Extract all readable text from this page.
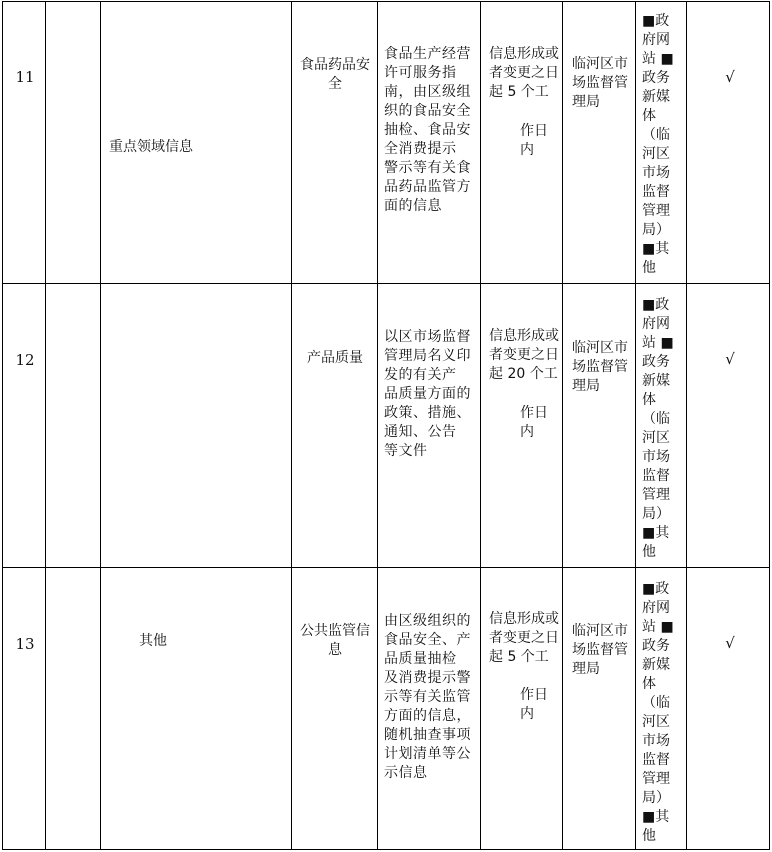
11
重点领域信息
食品药品安全
食品生产经营许可服务指南，由区级组 织的食品安全抽检、食品安全消费提示 警示等有关食品药品监管方面的信息
信息形成或者变更之日起 5 个工
作日内
临河区市场监督管理局
■政府网站 ■政务新媒 体（临河区市场监督管理局）■其他
√
12	产品质量
以区市场监督管理局名义印发的有关产 品质量方面的政策、措施、通知、公告 等文件
信息形成或者变更之日起 20 个工
作日内
临河区市场监督管理局
■政府网站 ■政务新媒 体（临河区市场监督管理局）■其他
√
13	其他
公共监管信息
由区级组织的食品安全、产品质量抽检 及消费提示警示等有关监管方面的信息，随机抽查事项计划清单等公示信息
信息形成或者变更之日起 5 个工
作日内
临河区市场监督管理局
■政府网站 ■政务新媒 体（临河区市场监督管理局）■其他
√
